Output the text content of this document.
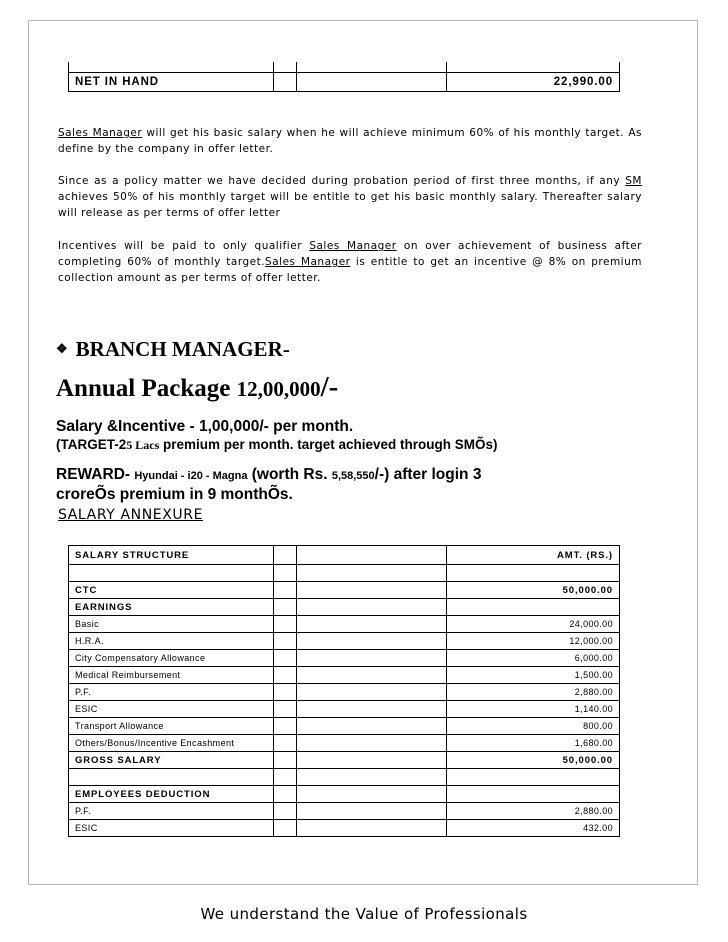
NET IN HAND			22,990.00
Sales Manager will get his basic salary when he will achieve minimum 60% of his monthly target. As define by the company in offer letter.
Since as a policy matter we have decided during probation period of first three months, if any SM achieves 50% of his monthly target will be entitle to get his basic monthly salary. Thereafter salary will release as per terms of offer letter
Incentives will be paid to only qualifier Sales Manager on over achievement of business after completing 60% of monthly target.Sales Manager is entitle to get an incentive @ 8% on premium collection amount as per terms of offer letter.
❖ BRANCH MANAGER-
Annual Package 12,00,000/-
Salary &Incentive - 1,00,000/- per month.
(TARGET-25 Lacs premium per month. target achieved through SMÕs)
REWARD- Hyundai - i20 - Magna (worth Rs. 5,58,550/-) after login 3
croreÕs premium in 9 monthÕs.
SALARY ANNEXURE
SALARY STRUCTURE			AMT. (RS.)

CTC			50,000.00
EARNINGS			
Basic			24,000.00
H.R.A.			12,000.00
City Compensatory Allowance			6,000.00
Medical Reimbursement			1,500.00
P.F.			2,880.00
ESIC			1,140.00
Transport Allowance			800.00
Others/Bonus/Incentive Encashment			1,680.00
GROSS SALARY			50,000.00

EMPLOYEES DEDUCTION			
P.F.			2,880.00
ESIC			432.00
We understand the Value of Professionals
